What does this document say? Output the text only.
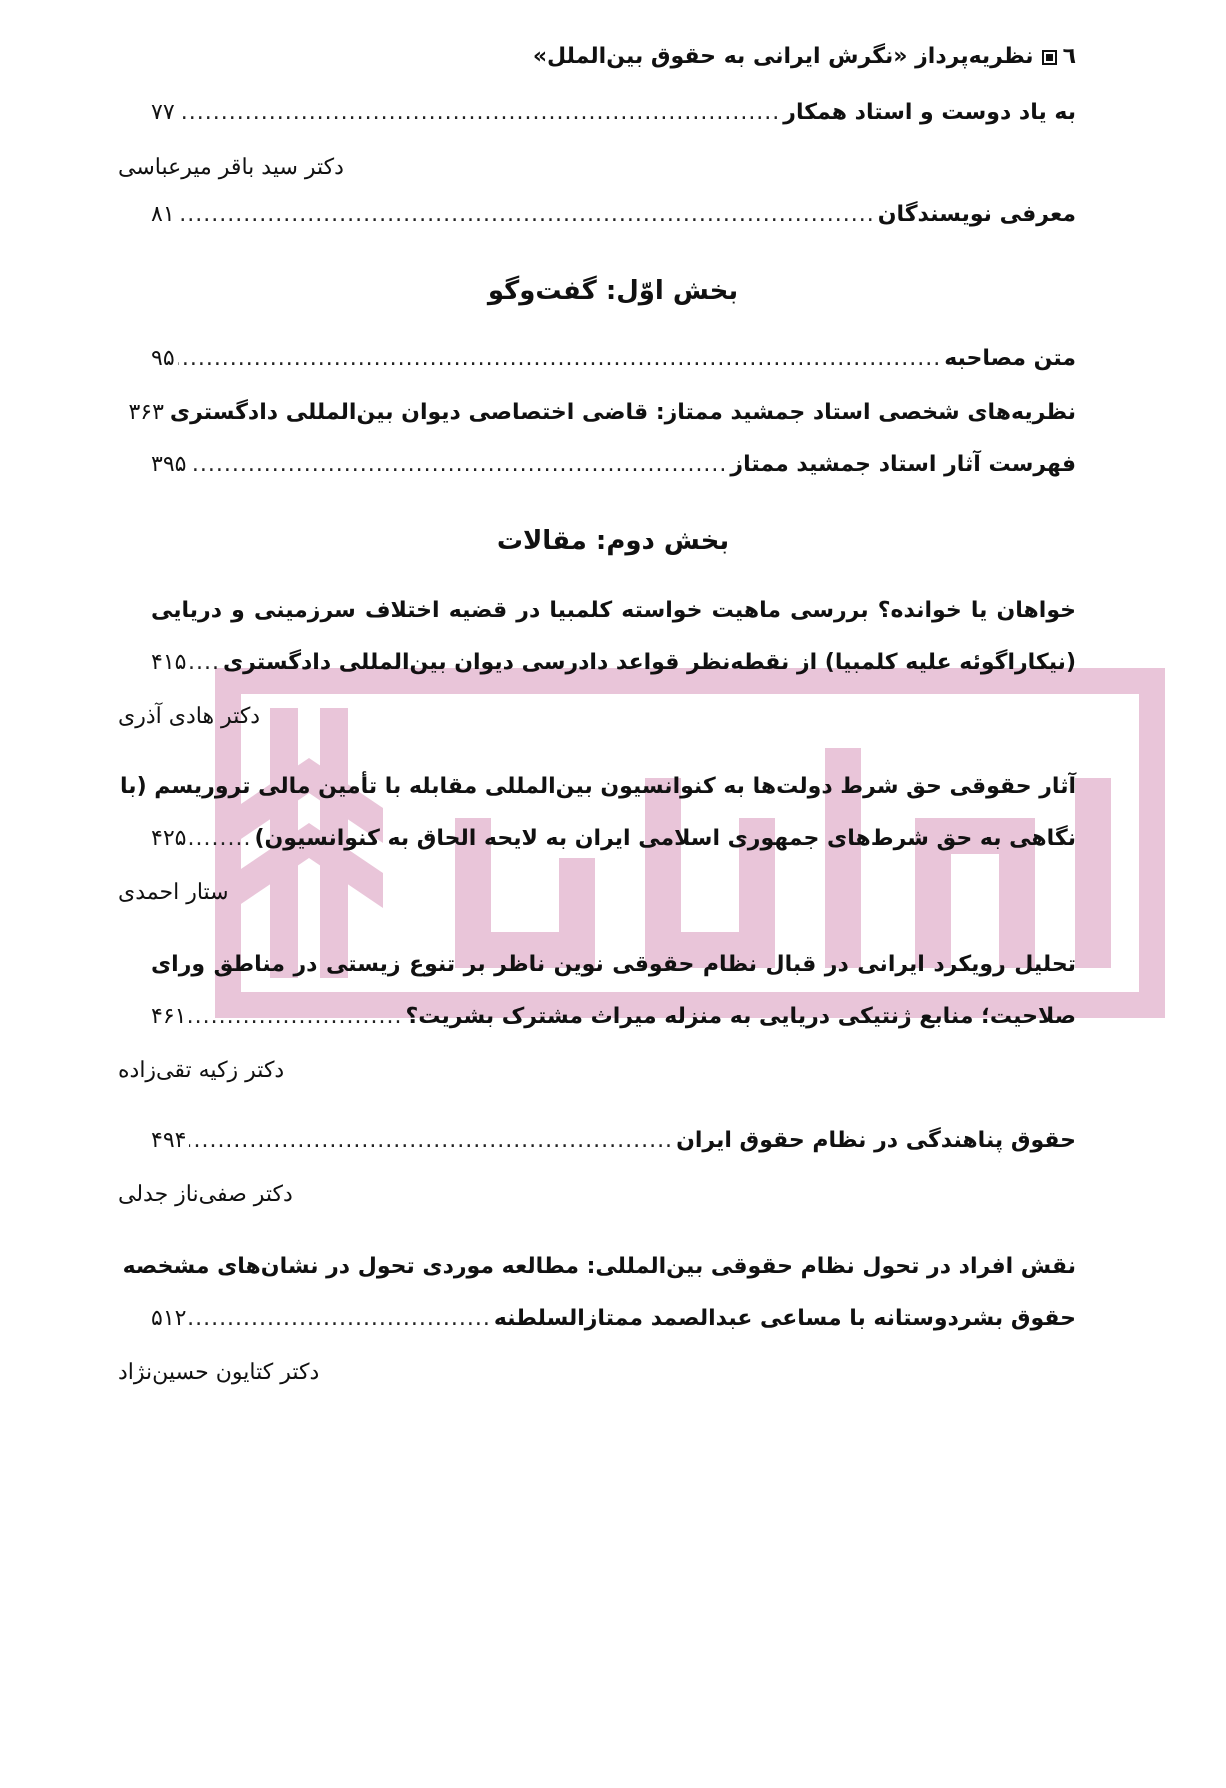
٦نظریه‌پرداز «نگرش ایرانی به حقوق بین‌الملل»
به یاد دوست و استاد همکار
.....
۷۷
دکتر سید باقر میرعباسی
معرفی نویسندگان
.....
۸۱
بخش اوّل: گفت‌وگو
متن مصاحبه
.....
۹۵
نظریه‌های شخصی استاد جمشید ممتاز: قاضی اختصاصی دیوان بین‌المللی دادگستری
۳۶۳
فهرست آثار استاد جمشید ممتاز
.....
۳۹۵
بخش دوم: مقالات
خواهان یا خوانده؟ بررسی ماهیت خواسته کلمبیا در قضیه اختلاف سرزمینی و دریایی
(نیکاراگوئه علیه کلمبیا) از نقطه‌نظر قواعد دادرسی دیوان بین‌المللی دادگستری
.....
۴۱۵
دکتر هادی آذری
آثار حقوقی حق شرط دولت‌ها به کنوانسیون بین‌المللی مقابله با تأمین مالی تروریسم (با
نگاهی به حق شرط‌های جمهوری اسلامی ایران به لایحه الحاق به کنوانسیون)
.....
۴۲۵
ستار احمدی
تحلیل رویکرد ایرانی در قبال نظام حقوقی نوین ناظر بر تنوع زیستی در مناطق ورای
صلاحیت؛ منابع ژنتیکی دریایی به منزله میراث مشترک بشریت؟
.....
۴۶۱
دکتر زکیه تقی‌زاده
حقوق پناهندگی در نظام حقوق ایران
.....
۴۹۴
دکتر صفی‌ناز جدلی
نقش افراد در تحول نظام حقوقی بین‌المللی: مطالعه موردی تحول در نشان‌های مشخصه
حقوق بشردوستانه با مساعی عبدالصمد ممتازالسلطنه
.....
۵۱۲
دکتر کتایون حسین‌نژاد
